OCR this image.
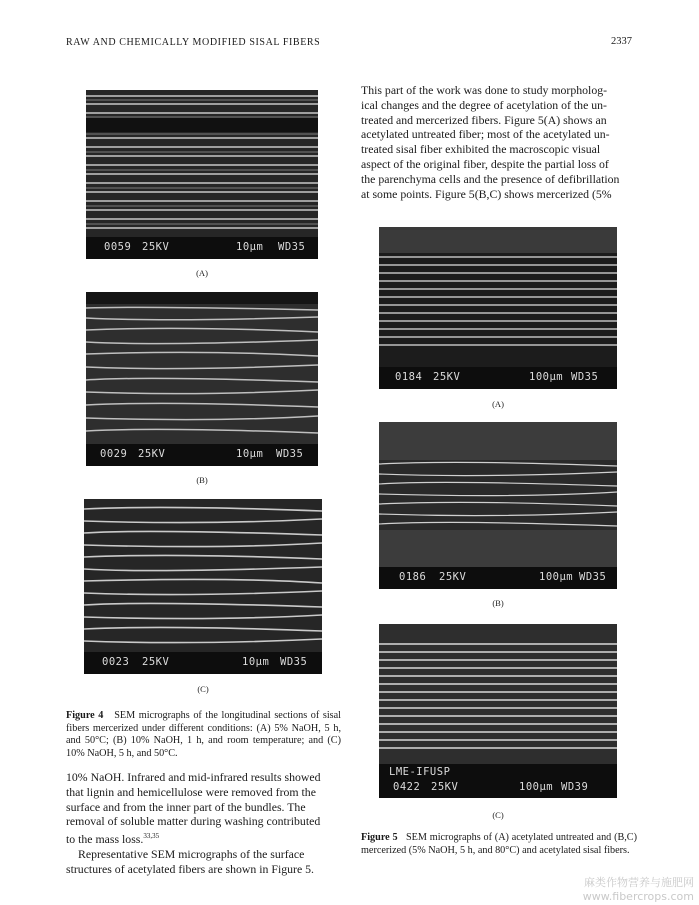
RAW AND CHEMICALLY MODIFIED SISAL FIBERS	2337
0059 25KV	10µm WD35
(A)
0029 25KV	10µm WD35
(B)
0023 25KV	10µm WD35
(C)
Figure 4 SEM micrographs of the longitudinal sections of sisal fibers mercerized under different conditions: (A) 5% NaOH, 5 h, and 50°C; (B) 10% NaOH, 1 h, and room temperature; and (C) 10% NaOH, 5 h, and 50°C.
10% NaOH. Infrared and mid-infrared results showed
that lignin and hemicellulose were removed from the
surface and from the inner part of the bundles. The
removal of soluble matter during washing contributed
to the mass loss.$^{33,35}$
Representative SEM micrographs of the surface
structures of acetylated fibers are shown in Figure 5.
This part of the work was done to study morpholog-
ical changes and the degree of acetylation of the un-
treated and mercerized fibers. Figure 5(A) shows an
acetylated untreated fiber; most of the acetylated un-
treated sisal fiber exhibited the macroscopic visual
aspect of the original fiber, despite the partial loss of
the parenchyma cells and the presence of defibrillation
at some points. Figure 5(B,C) shows mercerized (5%
0184 25KV	100µm WD35
(A)
0186 25KV	100µm WD35
(B)
LME-IFUSP
0422 25KV	100µm WD39
(C)
Figure 5 SEM micrographs of (A) acetylated untreated and (B,C) mercerized (5% NaOH, 5 h, and 80°C) and acetylated sisal fibers.
麻类作物营养与施肥网
www.fibercrops.com
